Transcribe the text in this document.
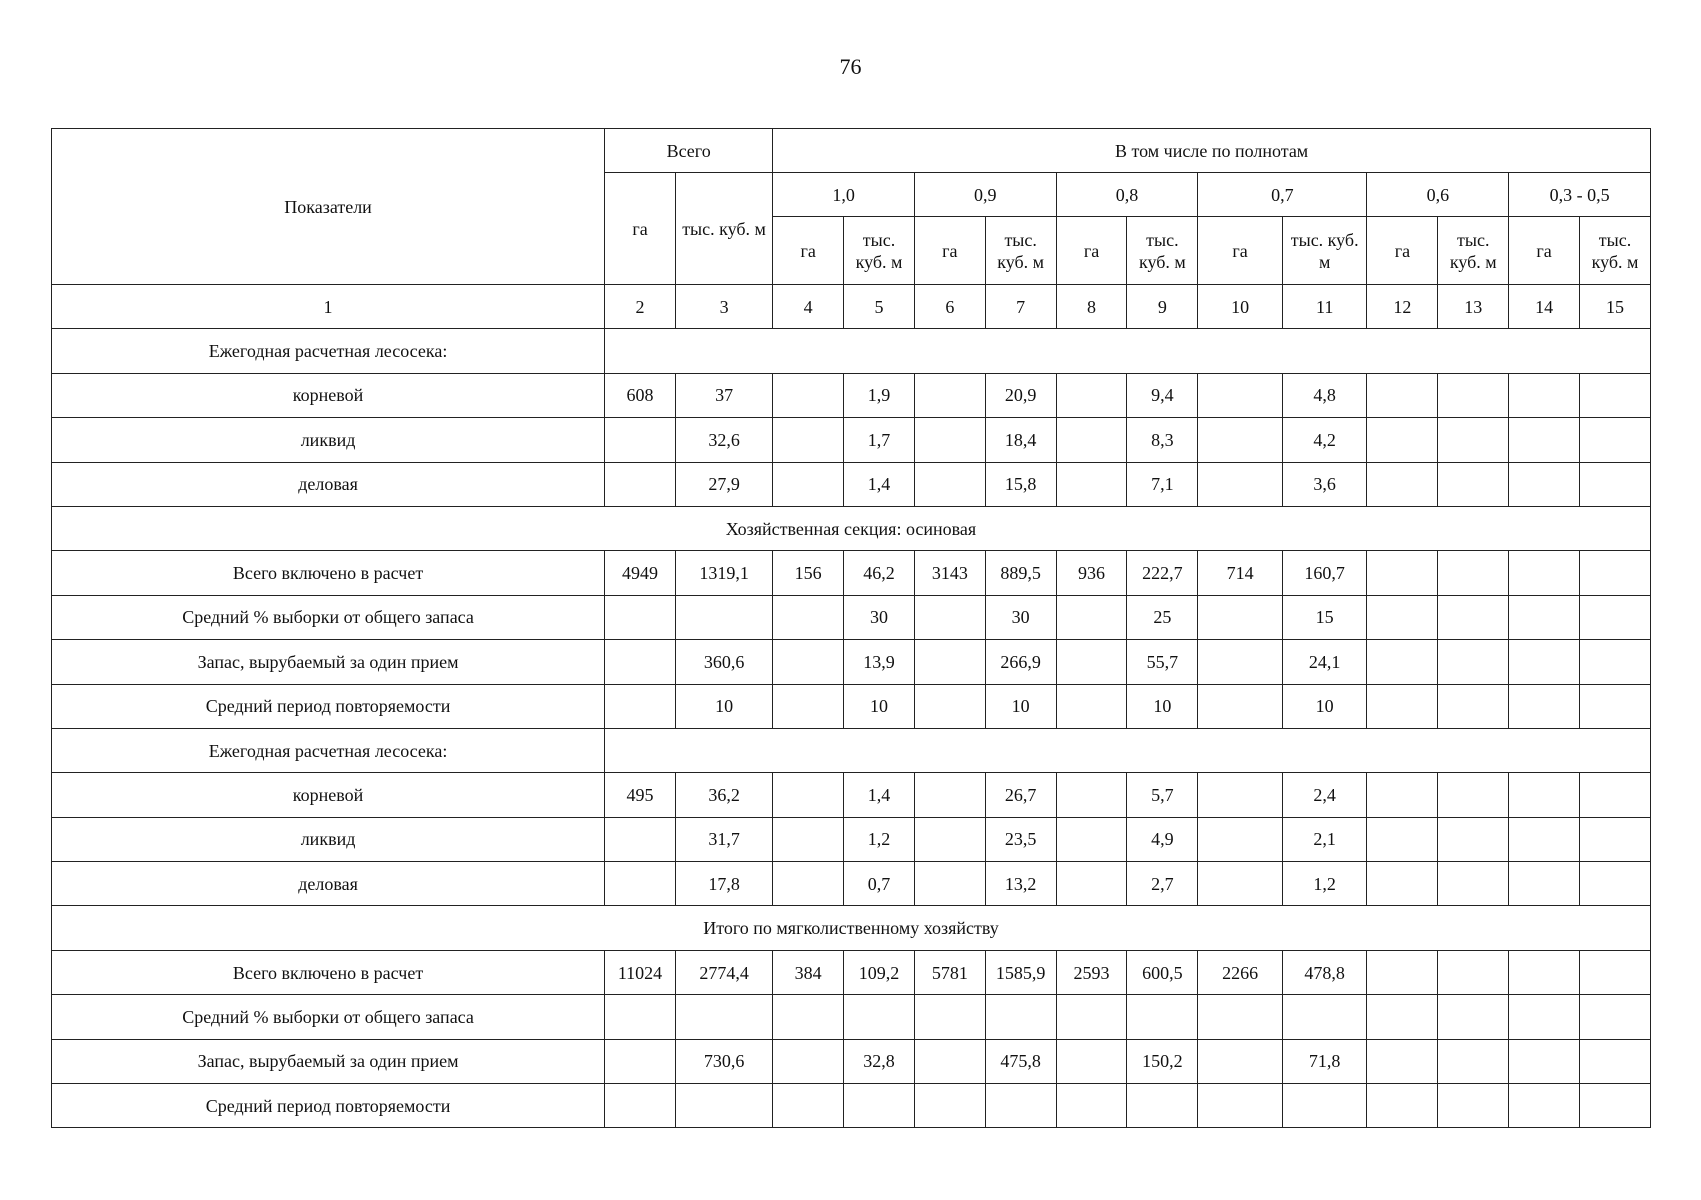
76
Показатели	Всего		В том числе по полнотам											
	га	тыс. куб. м	1,0		0,9		0,8		0,7		0,6		0,3 - 0,5	
			га	тыс. куб. м	га	тыс. куб. м	га	тыс. куб. м	га	тыс. куб. м	га	тыс. куб. м	га	тыс. куб. м
1	2	3	4	5	6	7	8	9	10	11	12	13	14	15
Ежегодная расчетная лесосека:														
корневой	608	37		1,9		20,9		9,4		4,8				
ликвид		32,6		1,7		18,4		8,3		4,2				
деловая		27,9		1,4		15,8		7,1		3,6				
Хозяйственная секция: осиновая														
Всего включено в расчет	4949	1319,1	156	46,2	3143	889,5	936	222,7	714	160,7				
Средний % выборки от общего запаса				30		30		25		15				
Запас, вырубаемый за один прием		360,6		13,9		266,9		55,7		24,1				
Средний период повторяемости		10		10		10		10		10				
Ежегодная расчетная лесосека:														
корневой	495	36,2		1,4		26,7		5,7		2,4				
ликвид		31,7		1,2		23,5		4,9		2,1				
деловая		17,8		0,7		13,2		2,7		1,2				
Итого по мягколиственному хозяйству														
Всего включено в расчет	11024	2774,4	384	109,2	5781	1585,9	2593	600,5	2266	478,8				
Средний % выборки от общего запаса														
Запас, вырубаемый за один прием		730,6		32,8		475,8		150,2		71,8				
Средний период повторяемости														
